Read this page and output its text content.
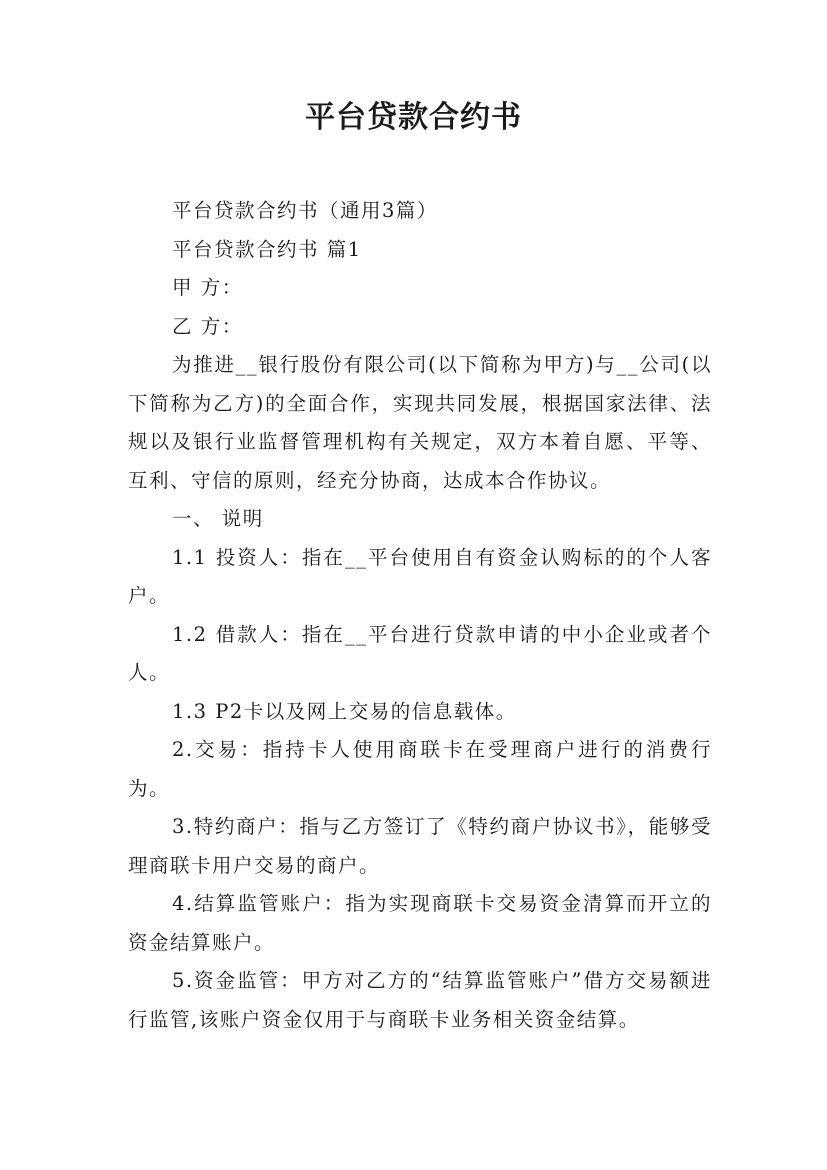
平台贷款合约书

平台贷款合约书（通用3篇）

平台贷款合约书 篇1

甲 方：

乙 方：

为推进__银行股份有限公司(以下简称为甲方)与__公司(以下简称为乙方)的全面合作，实现共同发展，根据国家法律、法规以及银行业监督管理机构有关规定，双方本着自愿、平等、互利、守信的原则，经充分协商，达成本合作协议。

一、 说明

1.1 投资人：指在__平台使用自有资金认购标的的个人客户。

1.2 借款人：指在__平台进行贷款申请的中小企业或者个人。

1.3 P2卡以及网上交易的信息载体。

2.交易：指持卡人使用商联卡在受理商户进行的消费行为。

3.特约商户：指与乙方签订了《特约商户协议书》，能够受理商联卡用户交易的商户。

4.结算监管账户：指为实现商联卡交易资金清算而开立的资金结算账户。

5.资金监管：甲方对乙方的“结算监管账户”借方交易额进行监管,该账户资金仅用于与商联卡业务相关资金结算。
